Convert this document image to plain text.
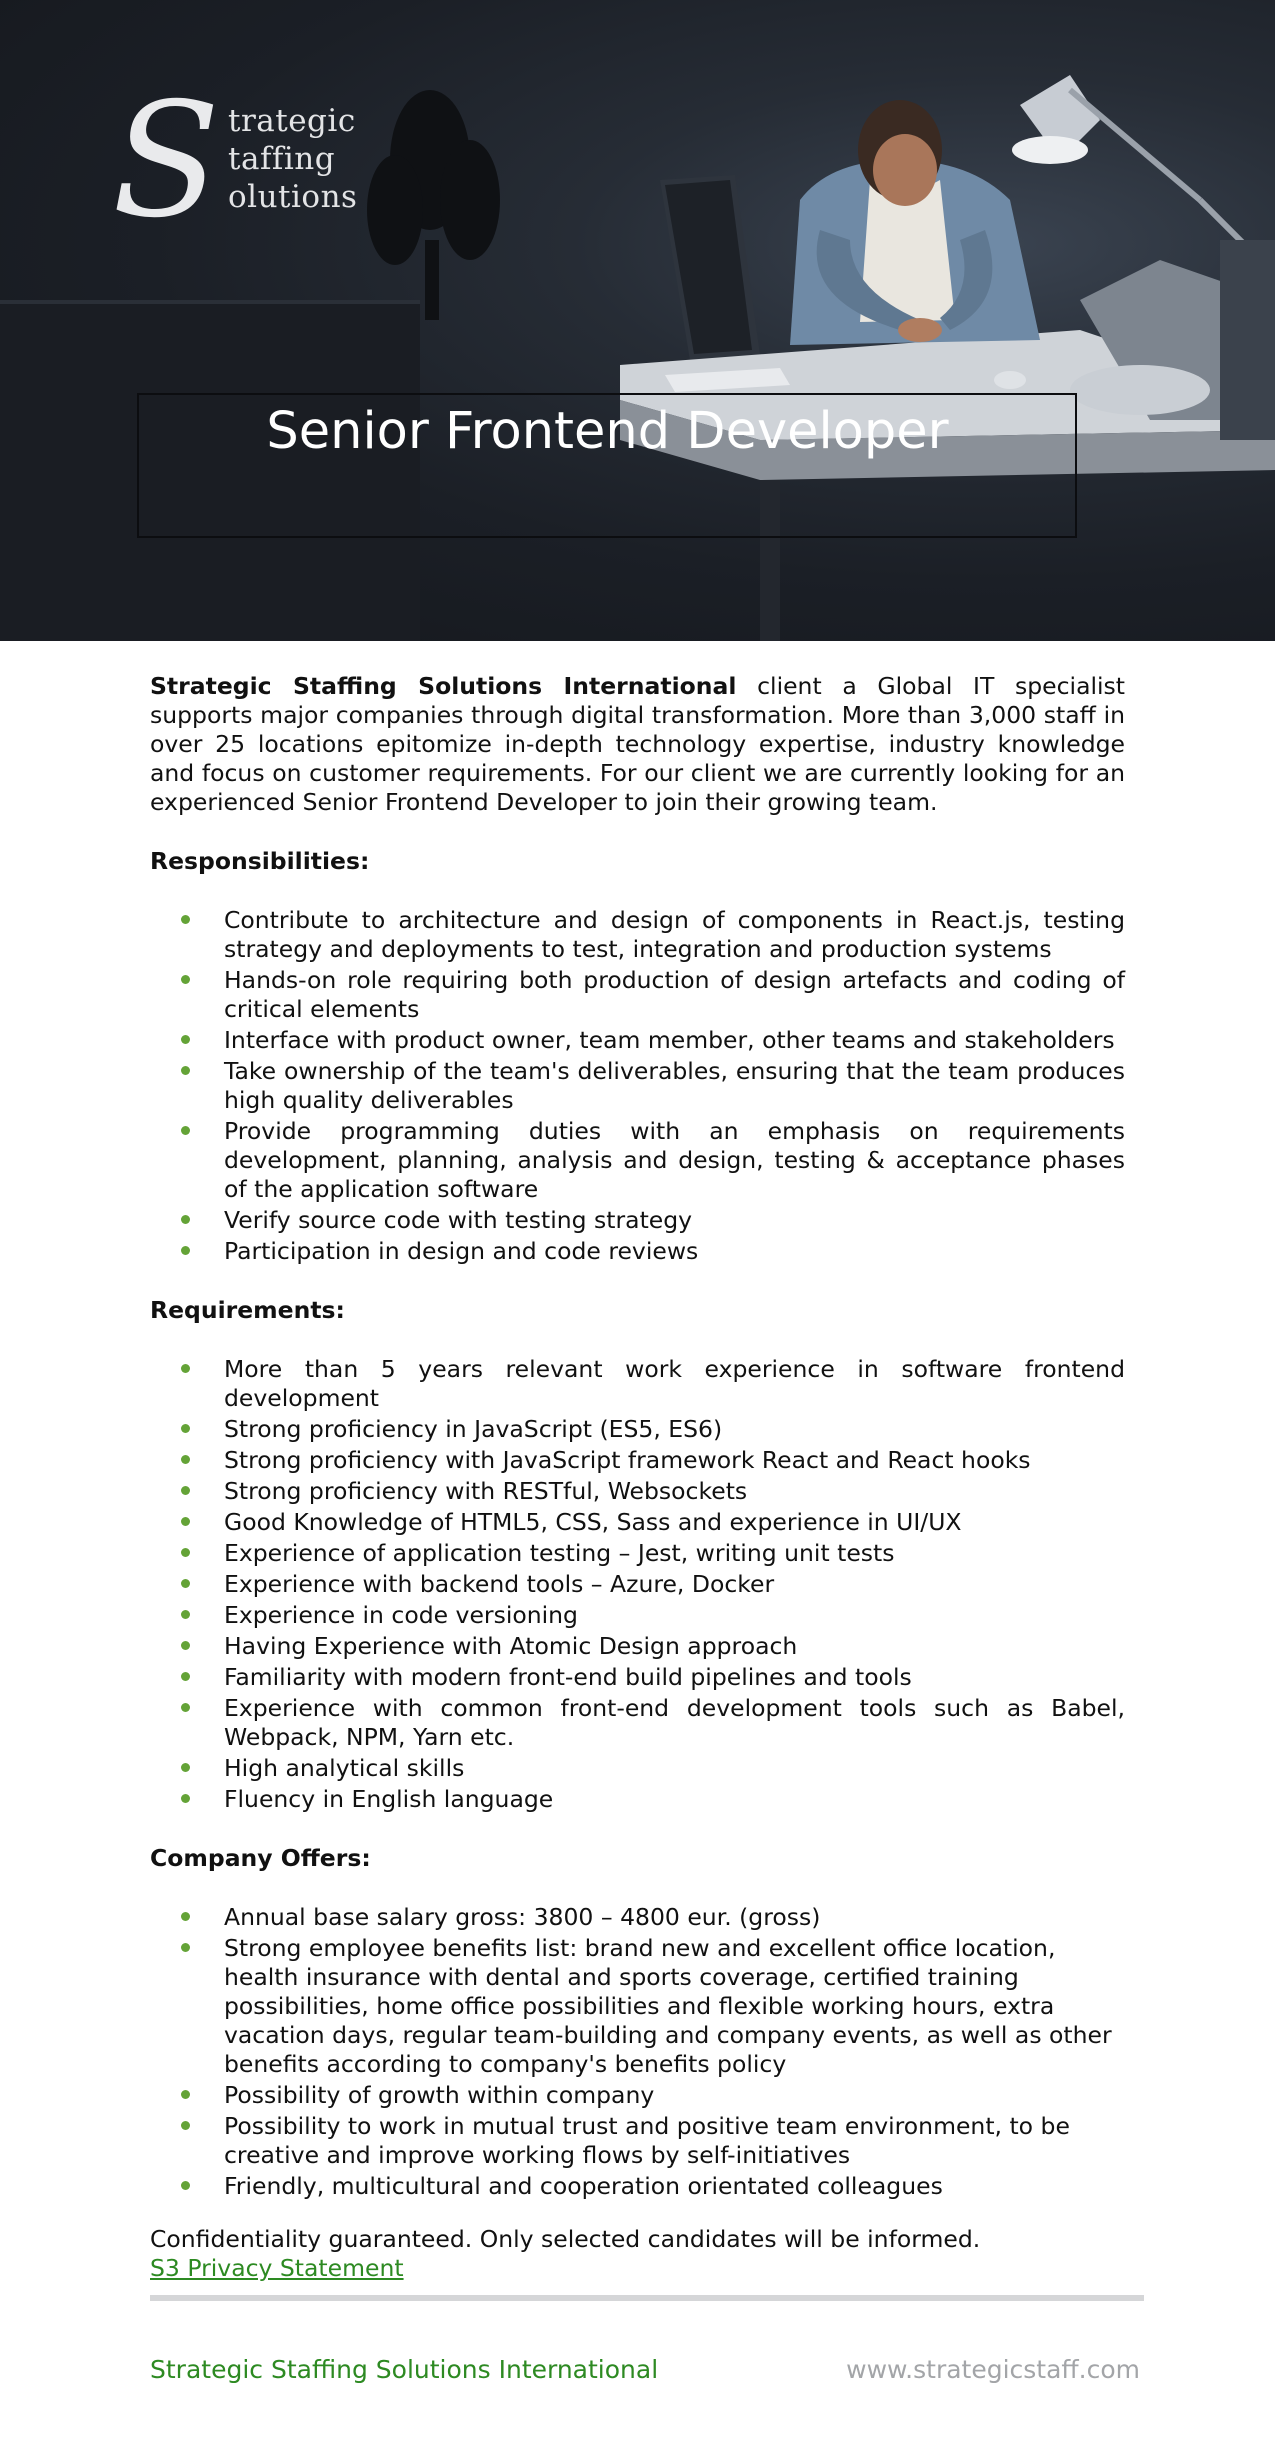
S trategic
taffing
olutions
Senior Frontend Developer

Strategic Staffing Solutions International client a Global IT specialist supports major companies through digital transformation. More than 3,000 staff in over 25 locations epitomize in-depth technology expertise, industry knowledge and focus on customer requirements. For our client we are currently looking for an experienced Senior Frontend Developer to join their growing team.

Responsibilities:
Contribute to architecture and design of components in React.js, testing strategy and deployments to test, integration and production systems
Hands-on role requiring both production of design artefacts and coding of critical elements
Interface with product owner, team member, other teams and stakeholders
Take ownership of the team's deliverables, ensuring that the team produces high quality deliverables
Provide programming duties with an emphasis on requirements development, planning, analysis and design, testing & acceptance phases of the application software
Verify source code with testing strategy
Participation in design and code reviews
Requirements:
More than 5 years relevant work experience in software frontend development
Strong proficiency in JavaScript (ES5, ES6)
Strong proficiency with JavaScript framework React and React hooks
Strong proficiency with RESTful, Websockets
Good Knowledge of HTML5, CSS, Sass and experience in UI/UX
Experience of application testing – Jest, writing unit tests
Experience with backend tools – Azure, Docker
Experience in code versioning
Having Experience with Atomic Design approach
Familiarity with modern front-end build pipelines and tools
Experience with common front-end development tools such as Babel, Webpack, NPM, Yarn etc.
High analytical skills
Fluency in English language
Company Offers:
Annual base salary gross: 3800 – 4800 eur. (gross)
Strong employee benefits list: brand new and excellent office location, health insurance with dental and sports coverage, certified training possibilities, home office possibilities and flexible working hours, extra vacation days, regular team-building and company events, as well as other benefits according to company's benefits policy
Possibility of growth within company
Possibility to work in mutual trust and positive team environment, to be creative and improve working flows by self-initiatives
Friendly, multicultural and cooperation orientated colleagues

Confidentiality guaranteed. Only selected candidates will be informed.
S3 Privacy Statement

Strategic Staffing Solutions International	www.strategicstaff.com
